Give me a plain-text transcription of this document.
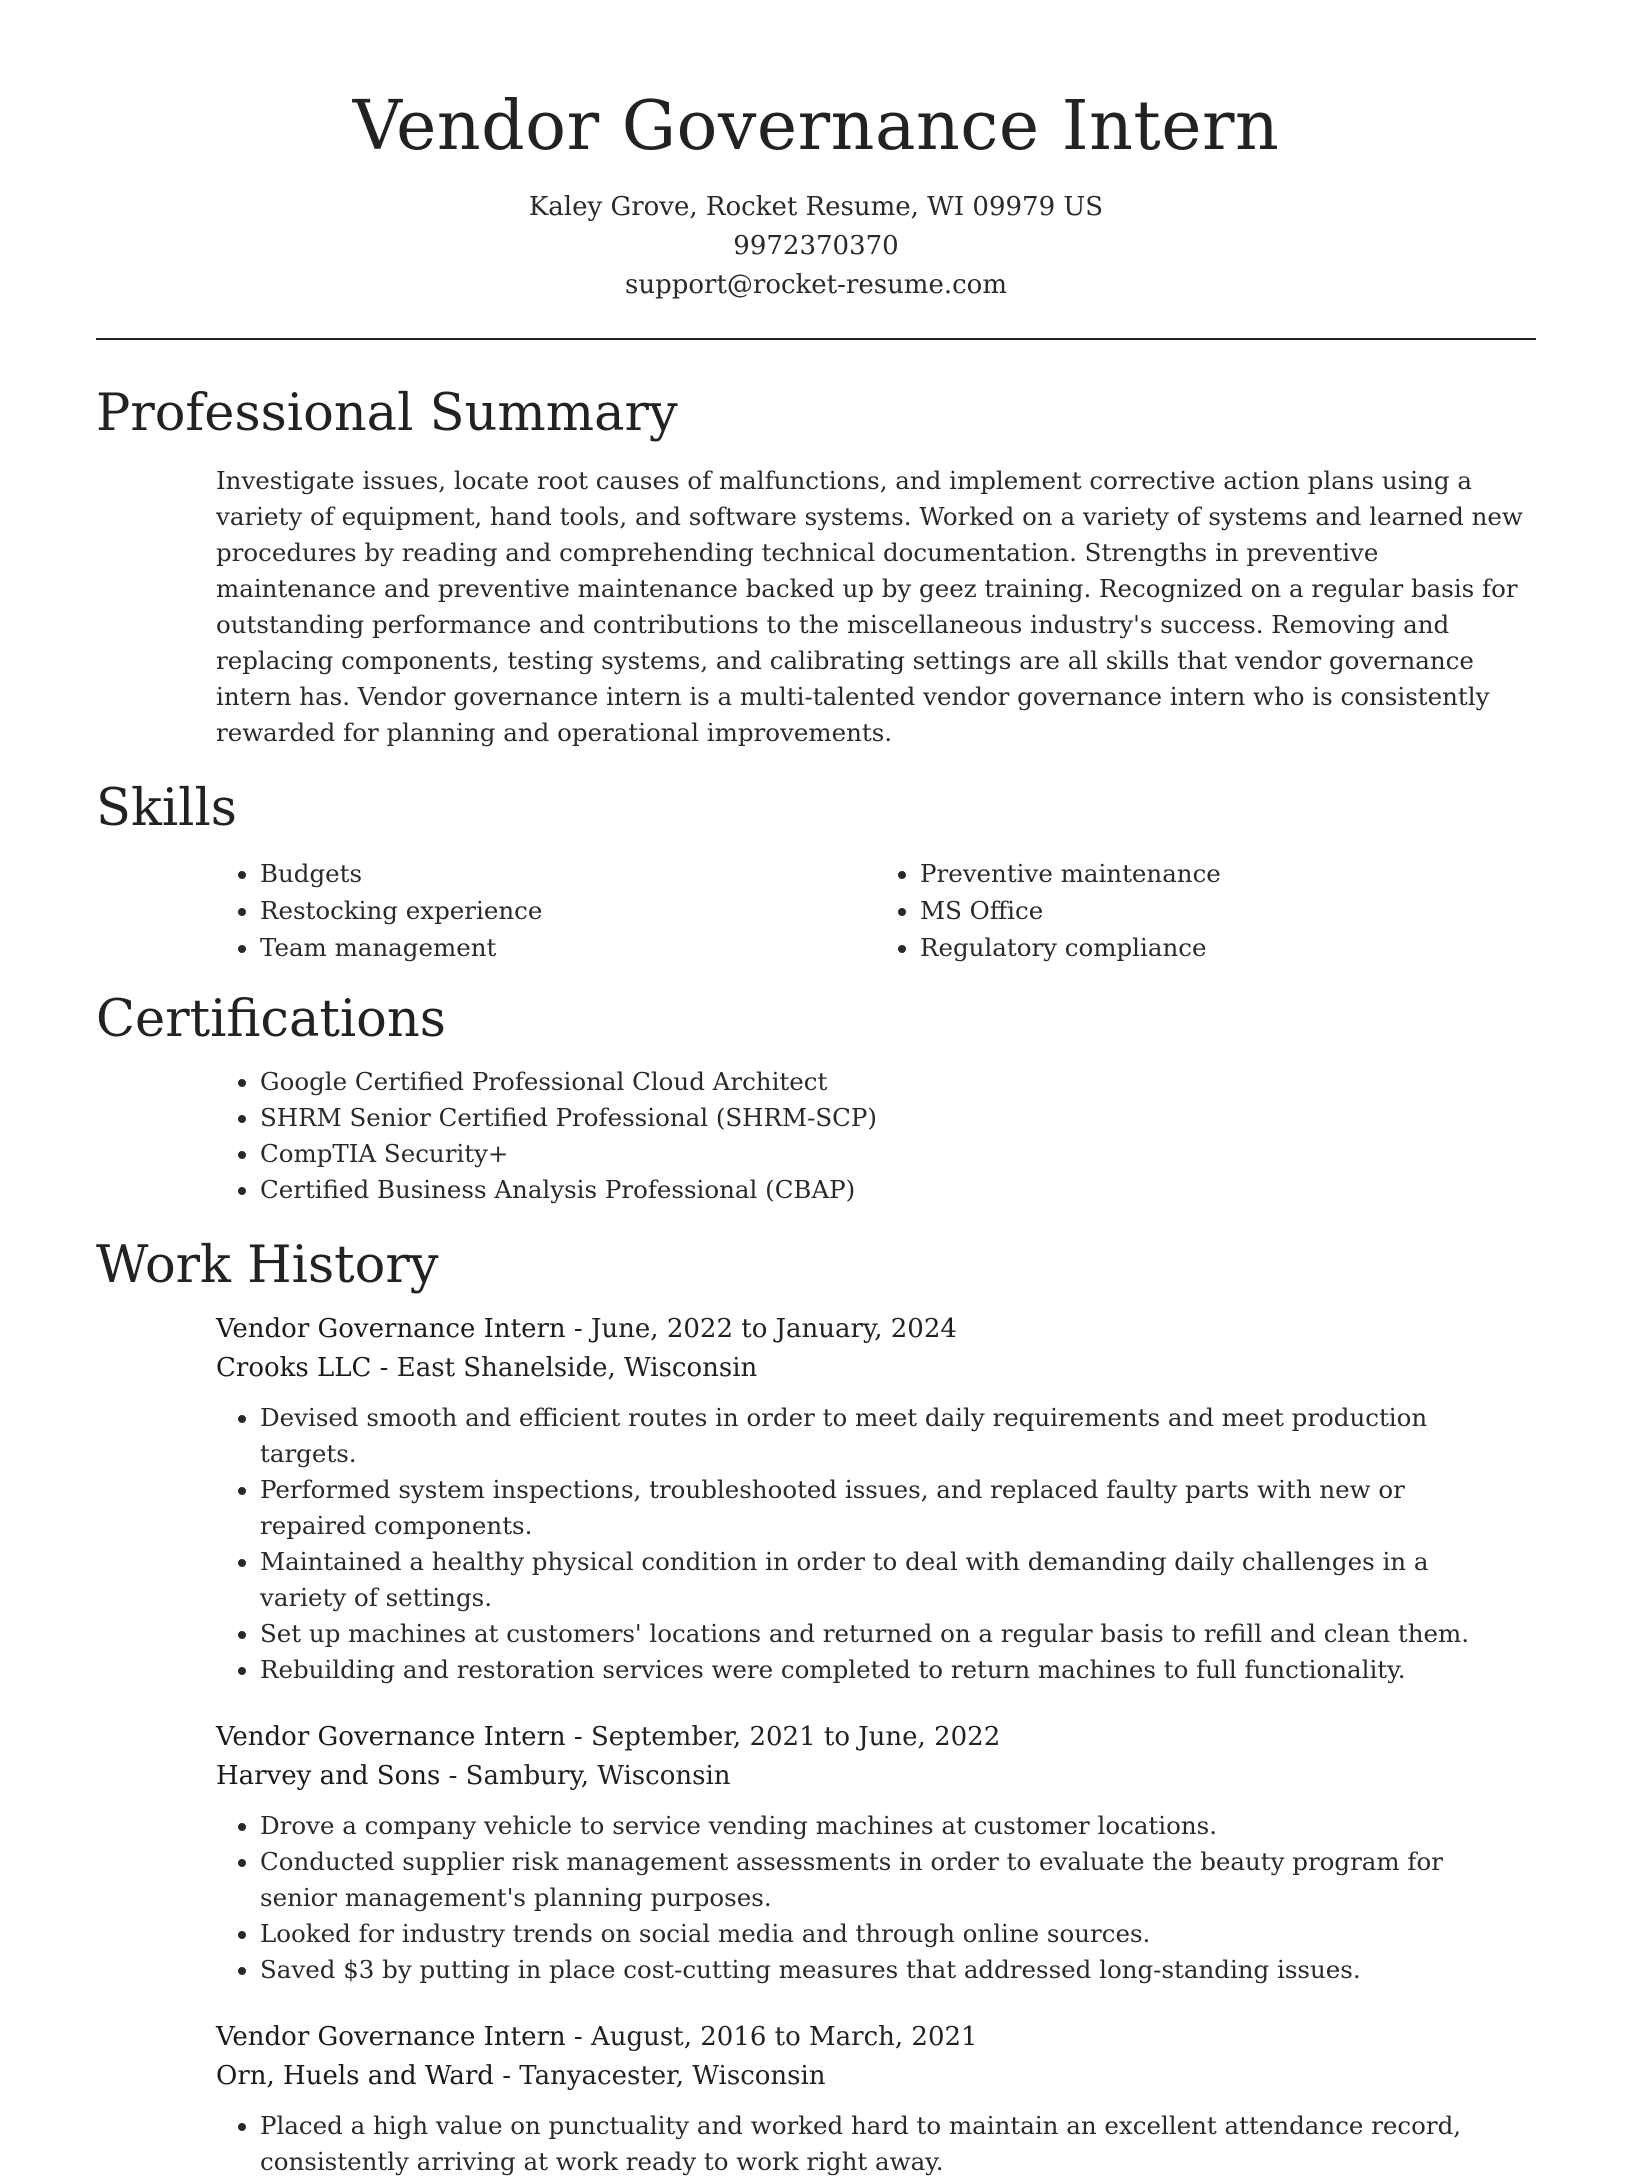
Vendor Governance Intern
Kaley Grove, Rocket Resume, WI 09979 US
9972370370
support@rocket-resume.com
Professional Summary

Investigate issues, locate root causes of malfunctions, and implement corrective action plans using a variety of equipment, hand tools, and software systems. Worked on a variety of systems and learned new procedures by reading and comprehending technical documentation. Strengths in preventive maintenance and preventive maintenance backed up by geez training. Recognized on a regular basis for outstanding performance and contributions to the miscellaneous industry's success. Removing and replacing components, testing systems, and calibrating settings are all skills that vendor governance intern has. Vendor governance intern is a multi-talented vendor governance intern who is consistently rewarded for planning and operational improvements.

Skills
• Budgets
• Restocking experience
• Team management
• Preventive maintenance
• MS Office
• Regulatory compliance
Certifications
• Google Certified Professional Cloud Architect
• SHRM Senior Certified Professional (SHRM-SCP)
• CompTIA Security+
• Certified Business Analysis Professional (CBAP)
Work History
Vendor Governance Intern - June, 2022 to January, 2024
Crooks LLC - East Shanelside, Wisconsin
• Devised smooth and efficient routes in order to meet daily requirements and meet production targets.
• Performed system inspections, troubleshooted issues, and replaced faulty parts with new or repaired components.
• Maintained a healthy physical condition in order to deal with demanding daily challenges in a variety of settings.
• Set up machines at customers' locations and returned on a regular basis to refill and clean them.
• Rebuilding and restoration services were completed to return machines to full functionality.
Vendor Governance Intern - September, 2021 to June, 2022
Harvey and Sons - Sambury, Wisconsin
• Drove a company vehicle to service vending machines at customer locations.
• Conducted supplier risk management assessments in order to evaluate the beauty program for senior management's planning purposes.
• Looked for industry trends on social media and through online sources.
• Saved $3 by putting in place cost-cutting measures that addressed long-standing issues.
Vendor Governance Intern - August, 2016 to March, 2021
Orn, Huels and Ward - Tanyacester, Wisconsin
• Placed a high value on punctuality and worked hard to maintain an excellent attendance record, consistently arriving at work ready to work right away.
